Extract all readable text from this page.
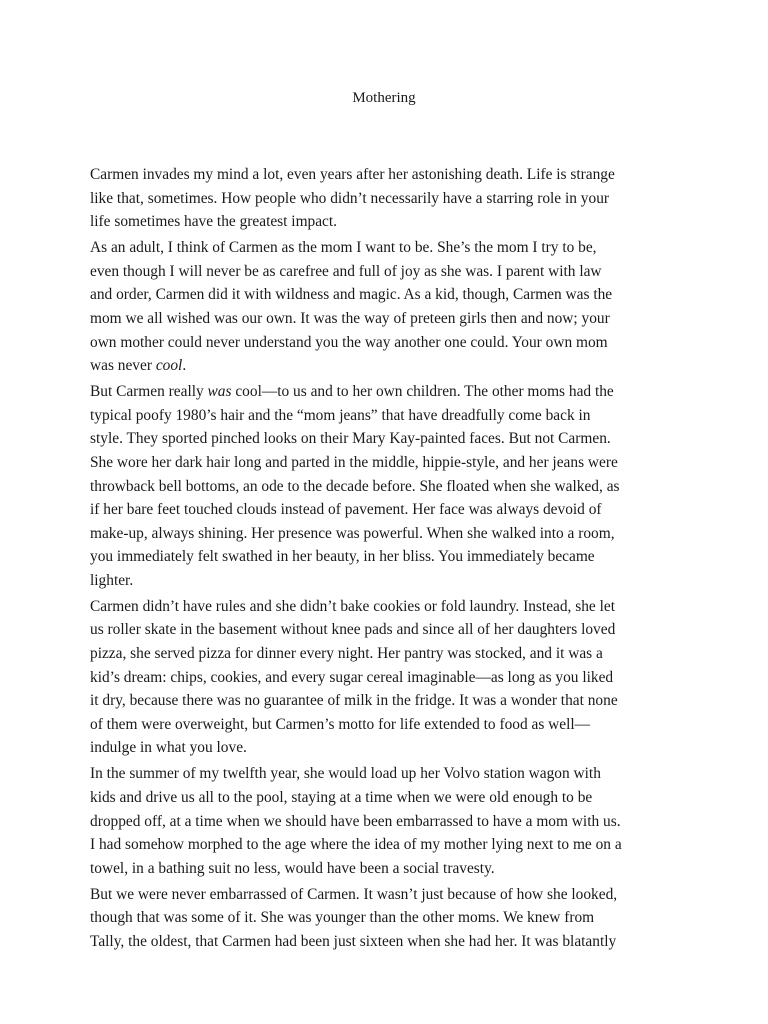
Mothering

Carmen invades my mind a lot, even years after her astonishing death. Life is strange
like that, sometimes. How people who didn’t necessarily have a starring role in your
life sometimes have the greatest impact.

As an adult, I think of Carmen as the mom I want to be. She’s the mom I try to be,
even though I will never be as carefree and full of joy as she was. I parent with law
and order, Carmen did it with wildness and magic. As a kid, though, Carmen was the
mom we all wished was our own. It was the way of preteen girls then and now; your
own mother could never understand you the way another one could. Your own mom
was never cool.

But Carmen really was cool—to us and to her own children. The other moms had the
typical poofy 1980’s hair and the “mom jeans” that have dreadfully come back in
style. They sported pinched looks on their Mary Kay-painted faces. But not Carmen.
She wore her dark hair long and parted in the middle, hippie-style, and her jeans were
throwback bell bottoms, an ode to the decade before. She floated when she walked, as
if her bare feet touched clouds instead of pavement. Her face was always devoid of
make-up, always shining. Her presence was powerful. When she walked into a room,
you immediately felt swathed in her beauty, in her bliss. You immediately became
lighter.

Carmen didn’t have rules and she didn’t bake cookies or fold laundry. Instead, she let
us roller skate in the basement without knee pads and since all of her daughters loved
pizza, she served pizza for dinner every night. Her pantry was stocked, and it was a
kid’s dream: chips, cookies, and every sugar cereal imaginable—as long as you liked
it dry, because there was no guarantee of milk in the fridge. It was a wonder that none
of them were overweight, but Carmen’s motto for life extended to food as well—
indulge in what you love.

In the summer of my twelfth year, she would load up her Volvo station wagon with
kids and drive us all to the pool, staying at a time when we were old enough to be
dropped off, at a time when we should have been embarrassed to have a mom with us.
I had somehow morphed to the age where the idea of my mother lying next to me on a
towel, in a bathing suit no less, would have been a social travesty.

But we were never embarrassed of Carmen. It wasn’t just because of how she looked,
though that was some of it. She was younger than the other moms. We knew from
Tally, the oldest, that Carmen had been just sixteen when she had her. It was blatantly
